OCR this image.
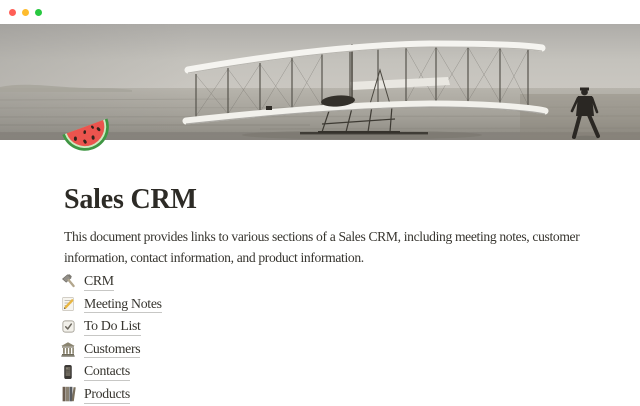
Sales CRM

This document provides links to various sections of a Sales CRM, including meeting notes, customer information, contact information, and product information.

CRM
Meeting Notes
To Do List
Customers
Contacts
Products
